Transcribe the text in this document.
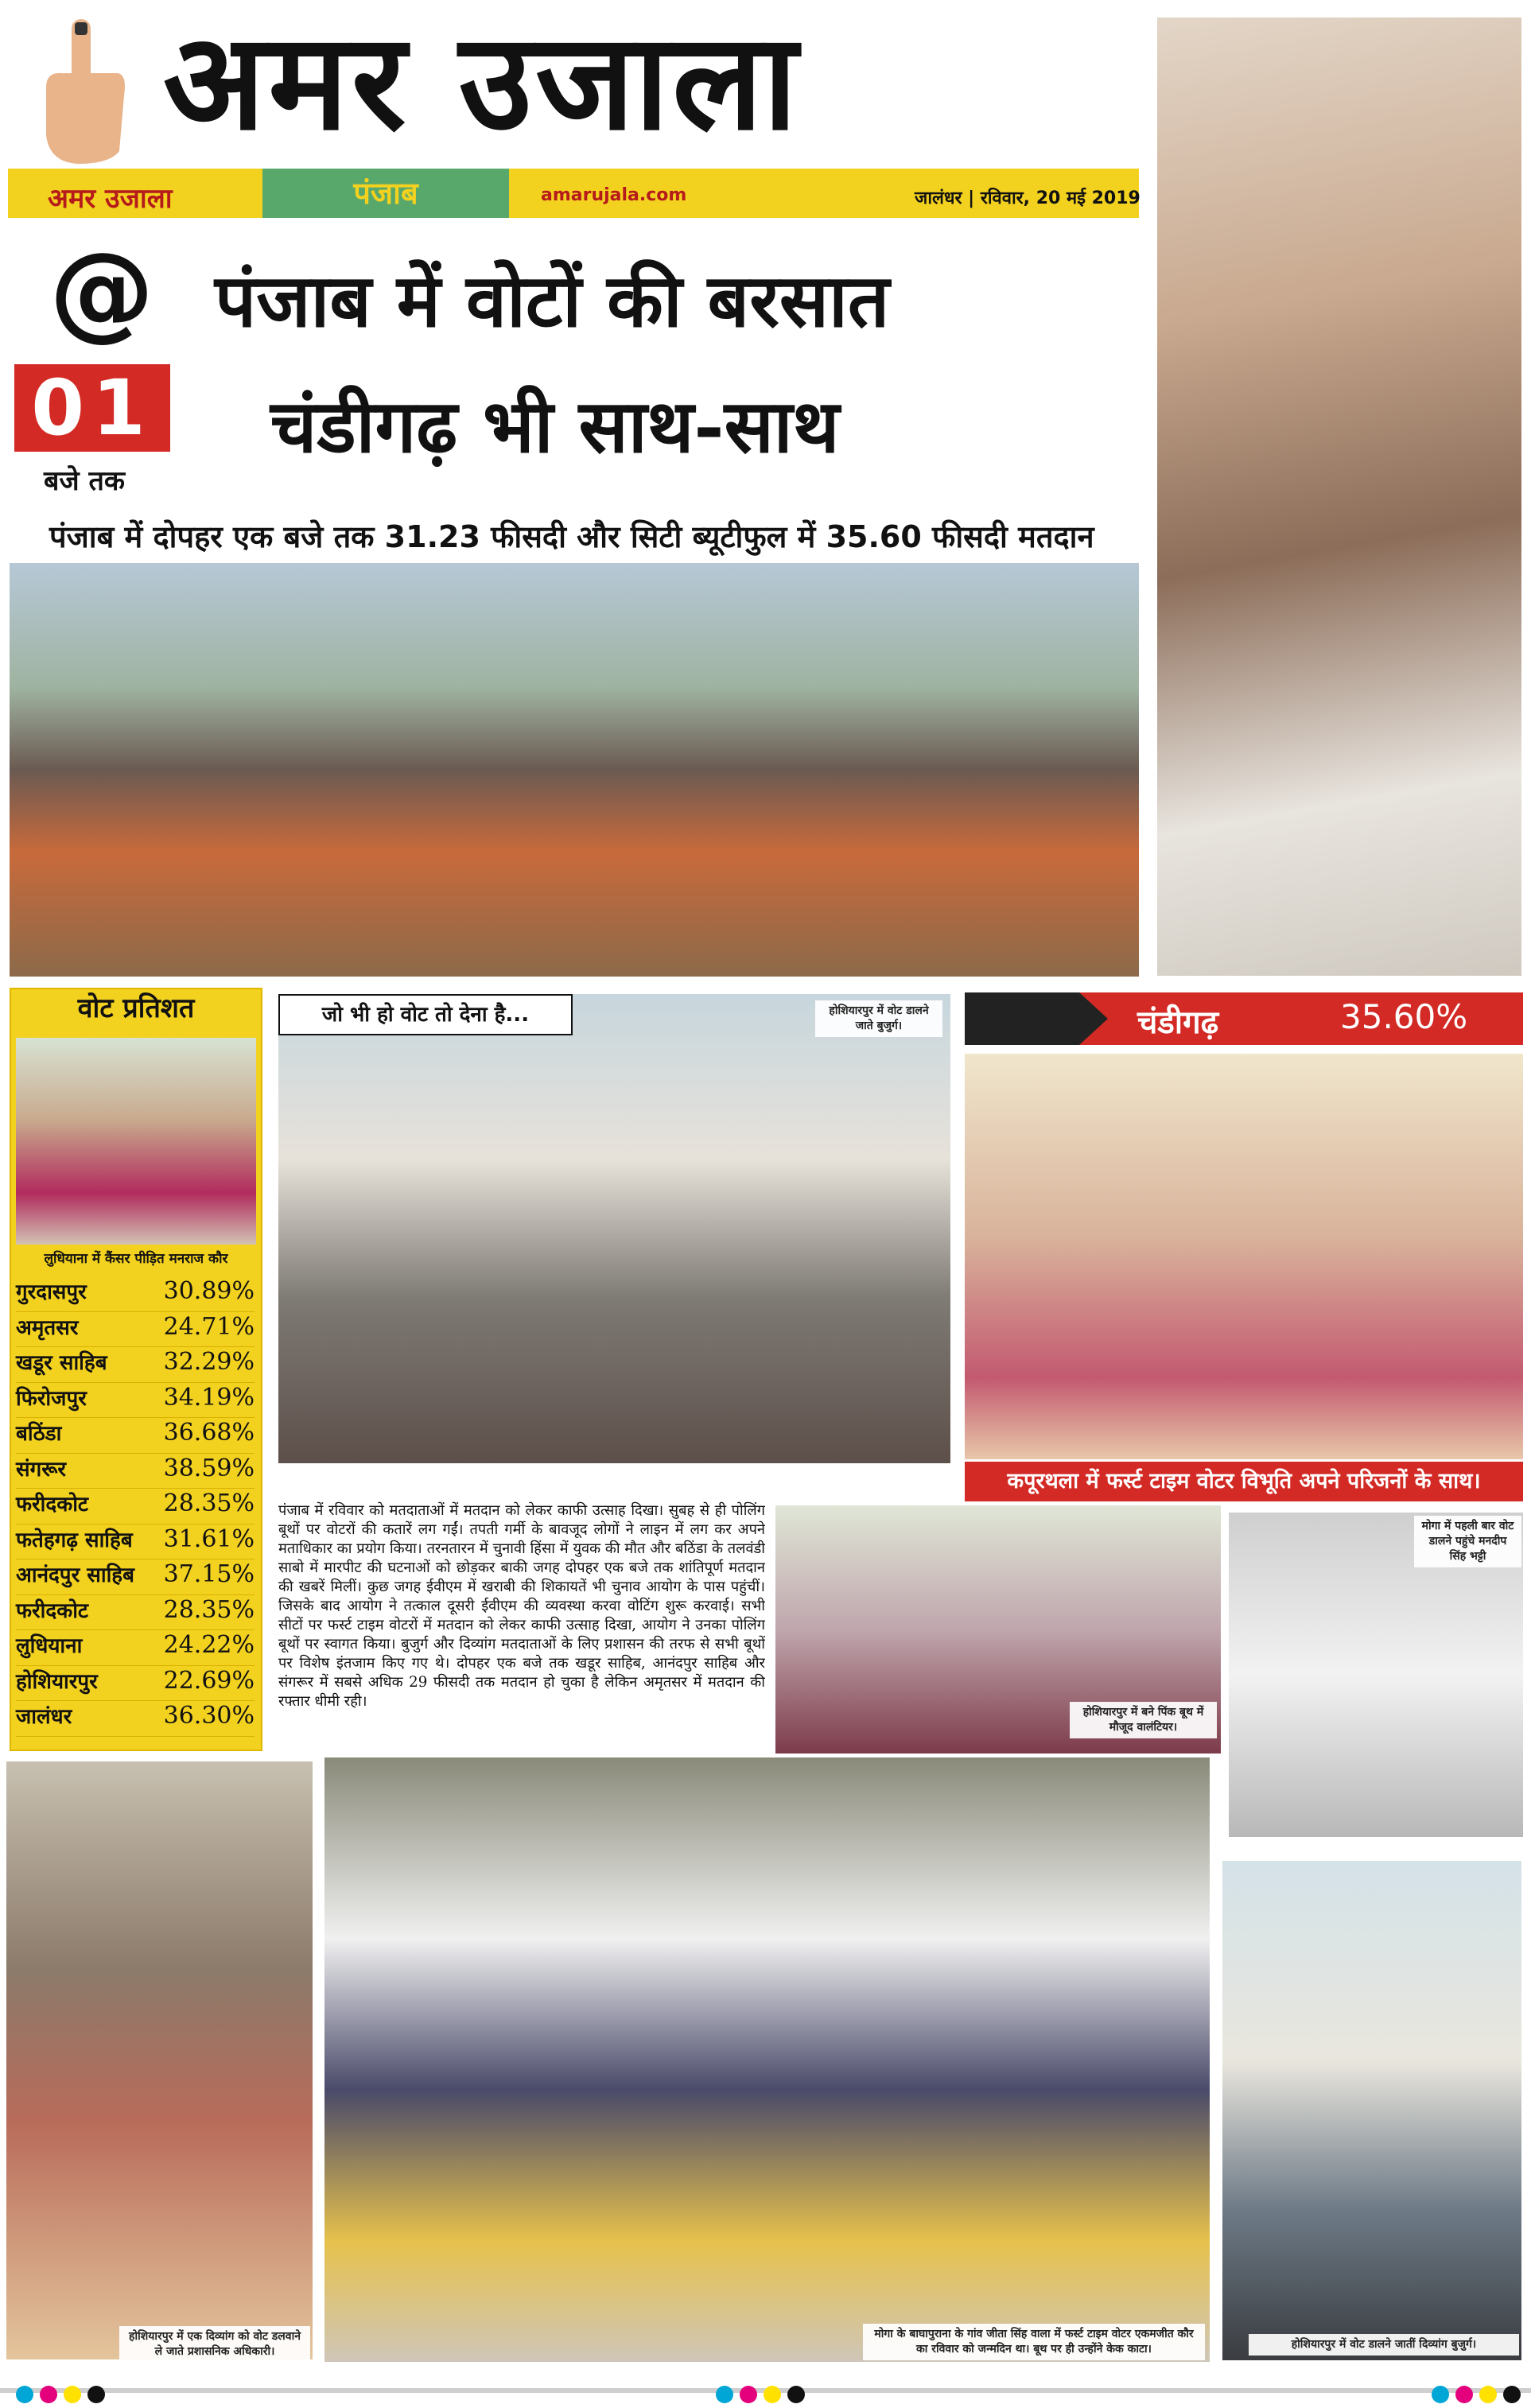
अमर उजाला
अमर उजाला	पंजाब	amarujala.com	जालंधर | रविवार, 20 मई 2019
@
01
बजे तक
पंजाब में वोटों की बरसात
चंडीगढ़ भी साथ-साथ
पंजाब में दोपहर एक बजे तक 31.23 फीसदी और सिटी ब्यूटीफुल में 35.60 फीसदी मतदान
वोट प्रतिशत
लुधियाना में कैंसर पीड़ित मनराज कौर
गुरदासपुर	30.89%
अमृतसर	24.71%
खडूर साहिब 32.29%
फिरोजपुर	34.19%
बठिंडा	36.68%
संगरूर	38.59%
फरीदकोट	28.35%
फतेहगढ़ साहिब 31.61%
आनंदपुर साहिब 37.15%
फरीदकोट	28.35%
लुधियाना	24.22%
होशियारपुर	22.69%
जालंधर	36.30%
जो भी हो वोट तो देना है...	होशियारपुर में वोट डालने जाते बुजुर्ग।	चंडीगढ़	35.60%
कपूरथला में फर्स्ट टाइम वोटर विभूति अपने परिजनों के साथ।
पंजाब में रविवार को मतदाताओं में मतदान को लेकर काफी उत्साह दिखा। सुबह से ही पोलिंग बूथों पर वोटरों की कतारें लग गईं। तपती गर्मी के बावजूद लोगों ने लाइन में लग कर अपने मताधिकार का प्रयोग किया। तरनतारन में चुनावी हिंसा में युवक की मौत और बठिंडा के तलवंडी साबो में मारपीट की घटनाओं को छोड़कर बाकी जगह दोपहर एक बजे तक शांतिपूर्ण मतदान की खबरें मिलीं। कुछ जगह ईवीएम में खराबी की शिकायतें भी चुनाव आयोग के पास पहुंचीं। जिसके बाद आयोग ने तत्काल दूसरी ईवीएम की व्यवस्था करवा वोटिंग शुरू करवाई। सभी सीटों पर फर्स्ट टाइम वोटरों में मतदान को लेकर काफी उत्साह दिखा, आयोग ने उनका पोलिंग बूथों पर स्वागत किया। बुजुर्ग और दिव्यांग मतदाताओं के लिए प्रशासन की तरफ से सभी बूथों पर विशेष इंतजाम किए गए थे। दोपहर एक बजे तक खडूर साहिब, आनंदपुर साहिब और संगरूर में सबसे अधिक 29 फीसदी तक मतदान हो चुका है लेकिन अमृतसर में मतदान की रफ्तार धीमी रही।
होशियारपुर में बने पिंक बूथ में मौजूद वालंटियर।
मोगा में पहली बार वोट डालने पहुंचे मनदीप सिंह भट्टी
होशियारपुर में एक दिव्यांग को वोट डलवाने ले जाते प्रशासनिक अधिकारी।
मोगा के बाघापुराना के गांव जीता सिंह वाला में फर्स्ट टाइम वोटर एकमजीत कौर का रविवार को जन्मदिन था। बूथ पर ही उन्होंने केक काटा।	होशियारपुर में वोट डालने जातीं दिव्यांग बुजुर्ग।
